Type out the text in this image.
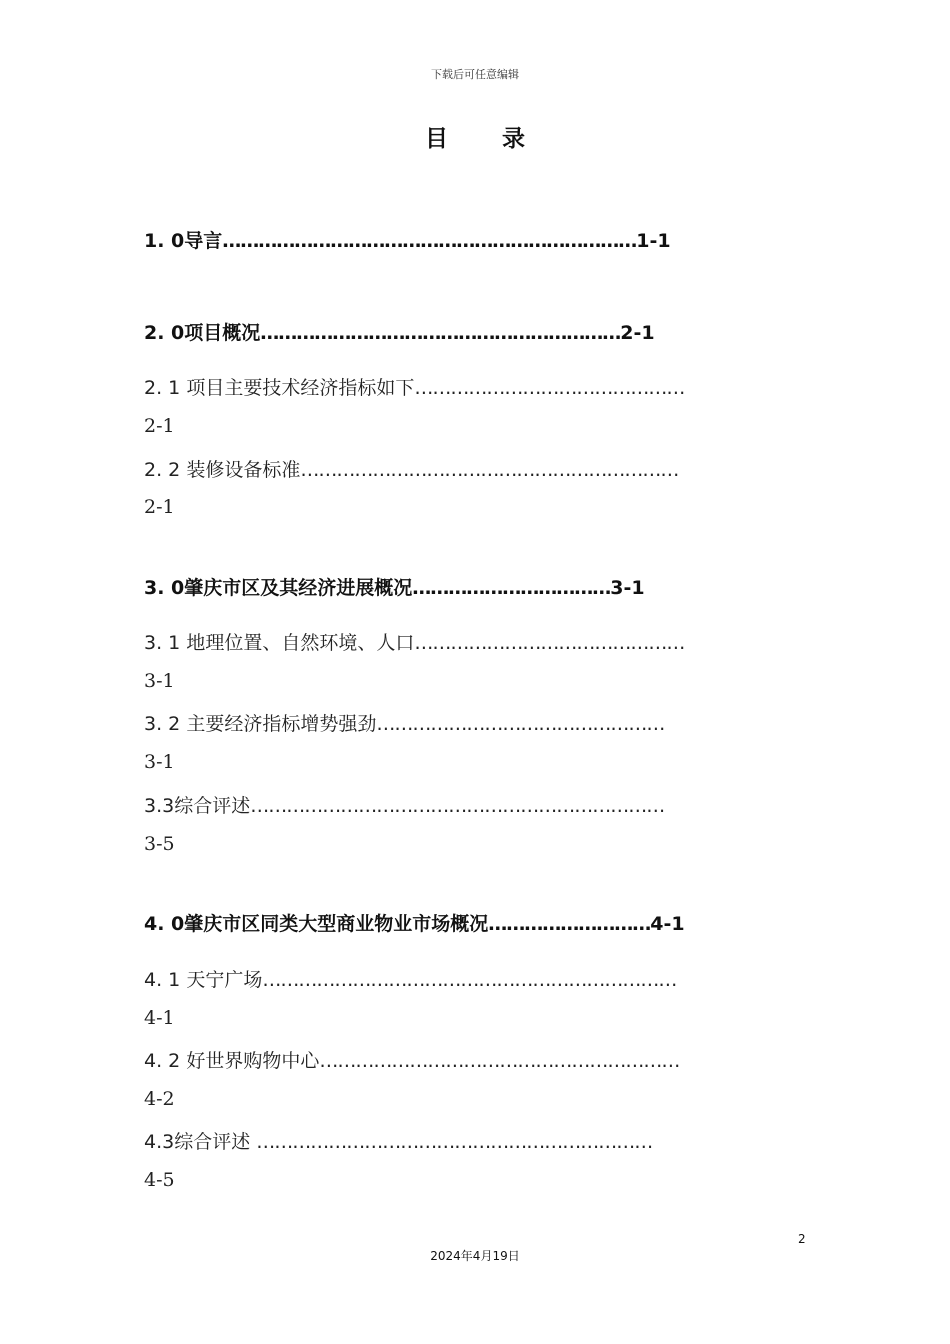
下载后可任意编辑
目录
1. 0导言……………………………………………………………1-1
2. 0项目概况……………………………………………………2-1
2. 1 项目主要技术经济指标如下………………………………………
2-1
2. 2 装修设备标准………………………………………………………
2-1
3. 0肇庆市区及其经济进展概况……………………………3-1
3. 1 地理位置、自然环境、人口………………………………………
3-1
3. 2 主要经济指标增势强劲…………………………………………
3-1
3.3综合评述……………………………………………………………
3-5
4. 0肇庆市区同类大型商业物业市场概况………………………4-1
4. 1 天宁广场……………………………………………………………
4-1
4. 2 好世界购物中心……………………………………………………
4-2
4.3综合评述 …………………………………………………………
4-5
2
2024年4月19日
